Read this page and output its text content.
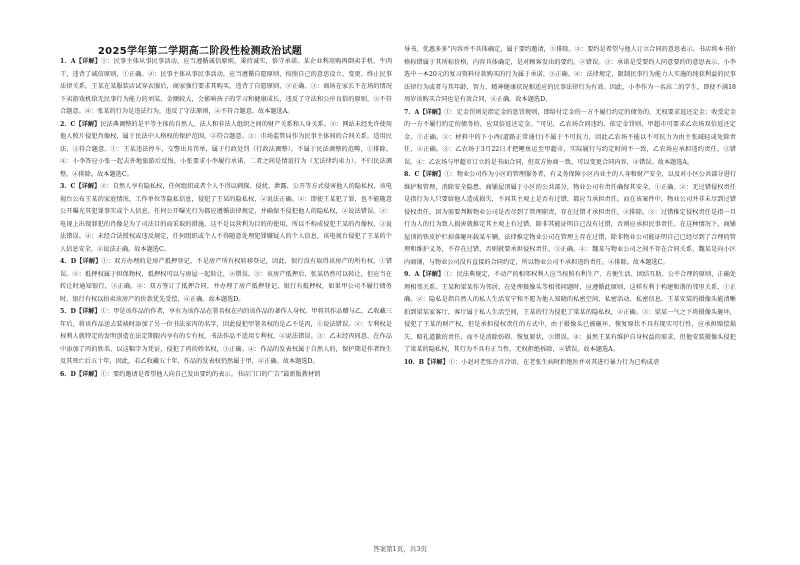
2025学年第二学期高二阶段性检测政治试题

1．A【详解】①：民事主体从事民事活动，应当遵循诚信原则，秉持诚实，恪守承诺。某企业利用购再倒卖手机、牛肉干，违背了诚信原则，①正确。②：民事主体从事民事活动，应当遵循自愿原则，按照自己的意思设立、变更、终止民事法律关系。王某在某服装店试穿衣服后，商家强行要求其购买，违背了自愿原则，②正确。③：商场在家长不在场的情况下卖游戏机给无民事行为能力的刘某，金额较大，会影响孩子的学习和健康成长，违反了守法和公序良俗的原则，③不符合题意。④：张某的行为是违法行为，违反了守法原则，④不符合题意。故本题选A。

2．C【详解】民法典调整的是平等主体的自然人、法人和非法人组织之间的财产关系和人身关系。②：网站未经允许使用他人照片侵犯肖像权，属于民法中人格权的保护范围，②符合题意。③：市场监管局作为民事主体间的合同关系，适用民法，③符合题意。①：王某违法停车，交警出具罚单，属于行政处罚（行政法调整），不属于民法调整的范畴，①排除。④：小李答应小张一起去外地旅游后反悔，小张要求小李履行承诺，二者之间是情谊行为（无法律约束力），不归民法调整，④排除。故本题选C。

3．C【详解】②：自然人享有隐私权，任何组织或者个人不得以刺探、侵扰、泄露、公开等方式侵害他人的隐私权，该电视台公布王某的家庭情况、工作单位等隐私信息，侵犯了王某的隐私权，②说法正确。②：即使王某犯了罪，也不能随意公开曝光其犯罪事实或个人信息，任何公开曝光行为都应遵循法律规定，并确保不侵犯他人的隐私权，②说法错误。③：电视上出现罪犯的肖像是为了司法目的而采取的措施，这不是以营利为目的的使用，所以不构成侵犯王某的肖像权，③说法错误。④：未经合法授权或违反规定，任何组织或个人不得随意处理犯罪嫌疑人的个人信息，该电视台侵犯了王某的个人信息安全，④说法正确。故本题选C。

4．D【详解】①：双方办理的是房产抵押登记，不是房产所有权转移登记，因此，银行没有取得该房产的所有权，①错误。②：抵押权属于担保物权，抵押权可以与房屋一起转让，②错误。③：该房产抵押后，张某仍然可以转让，但应当在转让时通知银行，③正确。④：双方签订了抵押合同，并办理了房产抵押登记，银行有抵押权，如果甲公司不履行债务时，银行有权以拍卖该房产的价款优先受偿，④正确。故本题选D。

5．D【详解】①：甲是该作品的作者，享有为该作品在署名权在内的该作品的著作人身权。甲将其作品赠与乙，乙收藏三年后，将该作品送去装裱时添加了另一位书法家丙的名字，因此侵犯甲署名权的是乙不是丙，①说法错误。②：专利权是权利人就特定的发明创造在法定期限内享有的专有权，书法作品不适用专利权，②说法错误。③：乙未经丙同意，在作品中添加了丙的姓名，以这幅字为凭证，侵犯了丙的姓名权，③正确。④：作品的发表权属于自然人的，保护期是作者终生及其死亡后五十年，因此，若乙收藏五十年，作品的发表权仍然属于甲，④正确。故本题选D。

6．D【详解】①：要约邀请是希望他人向自己发出要约的表示。书店门口的广告“最新版教材销

导书，优惠多多”内容并不具体确定，属于要约邀请，①排除。②：要约是希望与他人订立合同的意思表示。书店将本书价格标错属于其所标价格，内容具体确定，是对顾客发出的要约，②错误。③：承诺是受要约人同意要约的意思表示。小李选中一本20元的复习资料付款购买的行为属于承诺，③正确。④：法律规定，限制民事行为能力人实施的纯获利益的民事法律行为或者与其年龄、智力、精神健康状况相适应的民事法律行为有效。因此，小李作为一名高二的学生，即使不满18周岁该购买合同也是有效合同，④正确。故本题选D。

7．A【详解】①：定金罚则是指定金的惩罚规则，即给付定金的一方不履行约定的债务的，无权要求返还定金；收受定金的一方不履行约定的债务的，应双倍返还定金。“可见，乙农场合同违约，依定金罚则，甲超市可要求乙农场双倍返还定金，①正确。②：材料中的下小酉(道路正常通行)不属于不可抗力，因此乙农场不能以不可抗力为由主张减轻或免除责任，②正确。③：乙农场于3月22日才把鲤鱼运至甲超市，实际履行与约定时间不一致，乙农场应承担违约责任，③错误。④：乙农场与甲超市订立的是书面合同，但双方协商一致，可以变更合同内容，④错误。故本题选A。

8．C【详解】①：物业公司作为小区的管理服务者，有义务保障小区内业主的人身和财产安全，以及对小区公共部分进行维护和管理，消除安全隐患。商铺屋顶属于小区的公共部分，物业公司有责任确保其安全，①正确。②：无过错侵权责任是指行为人只要给他人造成损失，不问其主观上是否有过错，都应当承担责任。而在该案件中，物业公司并非未尽到过错侵权责任，因为需要判断物业公司是否尽到了管理职责，存在过错才承担责任，②排除。③：过错推定侵权责任是指一旦行为人的行为致人损害就推定其主观上有过错，除非其能证明自己没有过错，否则应承担民事责任。在这种情况下，商铺屋顶的铁皮护栏掉落砸坏载某车辆，法律推定物业公司在管理上存在过错，除非物业公司能证明自己已经尽到了合理的管理和维护义务，不存在过错，否则就要承担侵权责任，③正确。④：魏某与物业公司之间不存在合同关系，魏某是向小区内商铺，与物业公司没有直接的合同约定，所以物业公司不承担违约责任，④排除。故本题选C。

9．A【详解】①：民法典规定，不动产的相邻权利人应当按照有利生产、方便生活、团结互助、公平合理的原则，正确处理相邻关系。王某和梁某作为邻居，在处理摄像头等相邻问题时，应遵循此原则，这样有利于构建和谐的邻里关系，①正确。②：隐私是指自然人的私人生活安宁和不愿为他人知晓的私密空间、私密活动、私密信息。王某安装的摄像头能清晰拍到梁某家客厅，客厅属于私人生活空间，王某的行为侵犯了梁某的隐私权，②正确。③：梁某一气之下将摄像头砸坏，侵犯了王某的财产权，但是承担侵权责任的方式中，由于摄像头已被砸坏，恢复原状不具有现实可行性，应承担赔偿损失、赔礼道歉的责任，而不是消除妨碍、恢复原状，③错误。④：虽然王某有维护自身权益的需求，但他安装摄像头侵犯了梁某的隐私权，其行为不具有正当性，无权拒绝拆除，④错误。故本题选A。

10．B【详解】①：小赵对老张冷言冷语，在老张生病时拒绝医并对其进行暴力行为已构成虐

答案第1页，共3页
